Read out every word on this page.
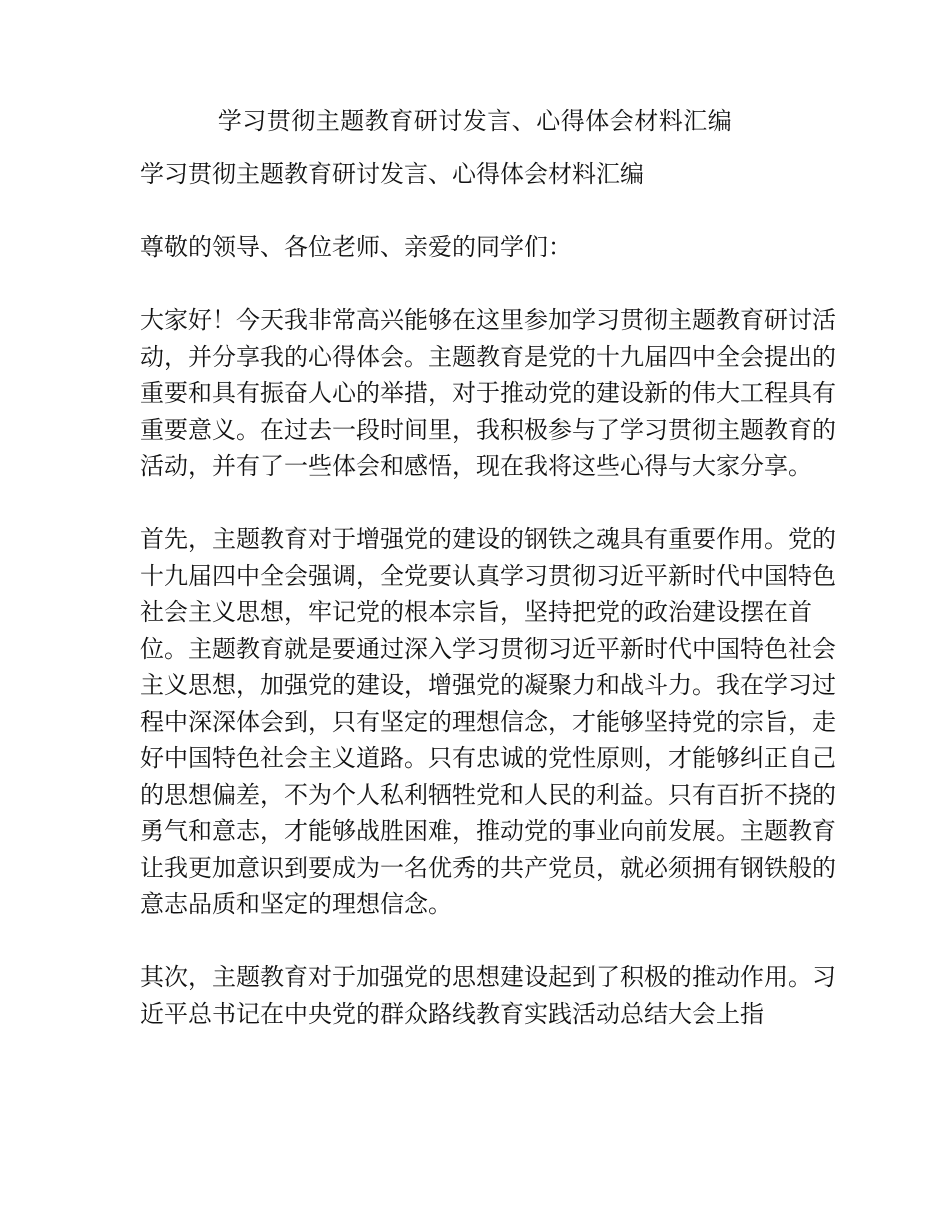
学习贯彻主题教育研讨发言、心得体会材料汇编

学习贯彻主题教育研讨发言、心得体会材料汇编

尊敬的领导、各位老师、亲爱的同学们：

大家好！今天我非常高兴能够在这里参加学习贯彻主题教育研讨活动，并分享我的心得体会。主题教育是党的十九届四中全会提出的重要和具有振奋人心的举措，对于推动党的建设新的伟大工程具有重要意义。在过去一段时间里，我积极参与了学习贯彻主题教育的活动，并有了一些体会和感悟，现在我将这些心得与大家分享。

首先，主题教育对于增强党的建设的钢铁之魂具有重要作用。党的十九届四中全会强调，全党要认真学习贯彻习近平新时代中国特色社会主义思想，牢记党的根本宗旨，坚持把党的政治建设摆在首位。主题教育就是要通过深入学习贯彻习近平新时代中国特色社会主义思想，加强党的建设，增强党的凝聚力和战斗力。我在学习过程中深深体会到，只有坚定的理想信念，才能够坚持党的宗旨，走好中国特色社会主义道路。只有忠诚的党性原则，才能够纠正自己的思想偏差，不为个人私利牺牲党和人民的利益。只有百折不挠的勇气和意志，才能够战胜困难，推动党的事业向前发展。主题教育让我更加意识到要成为一名优秀的共产党员，就必须拥有钢铁般的意志品质和坚定的理想信念。

其次，主题教育对于加强党的思想建设起到了积极的推动作用。习近平总书记在中央党的群众路线教育实践活动总结大会上指
